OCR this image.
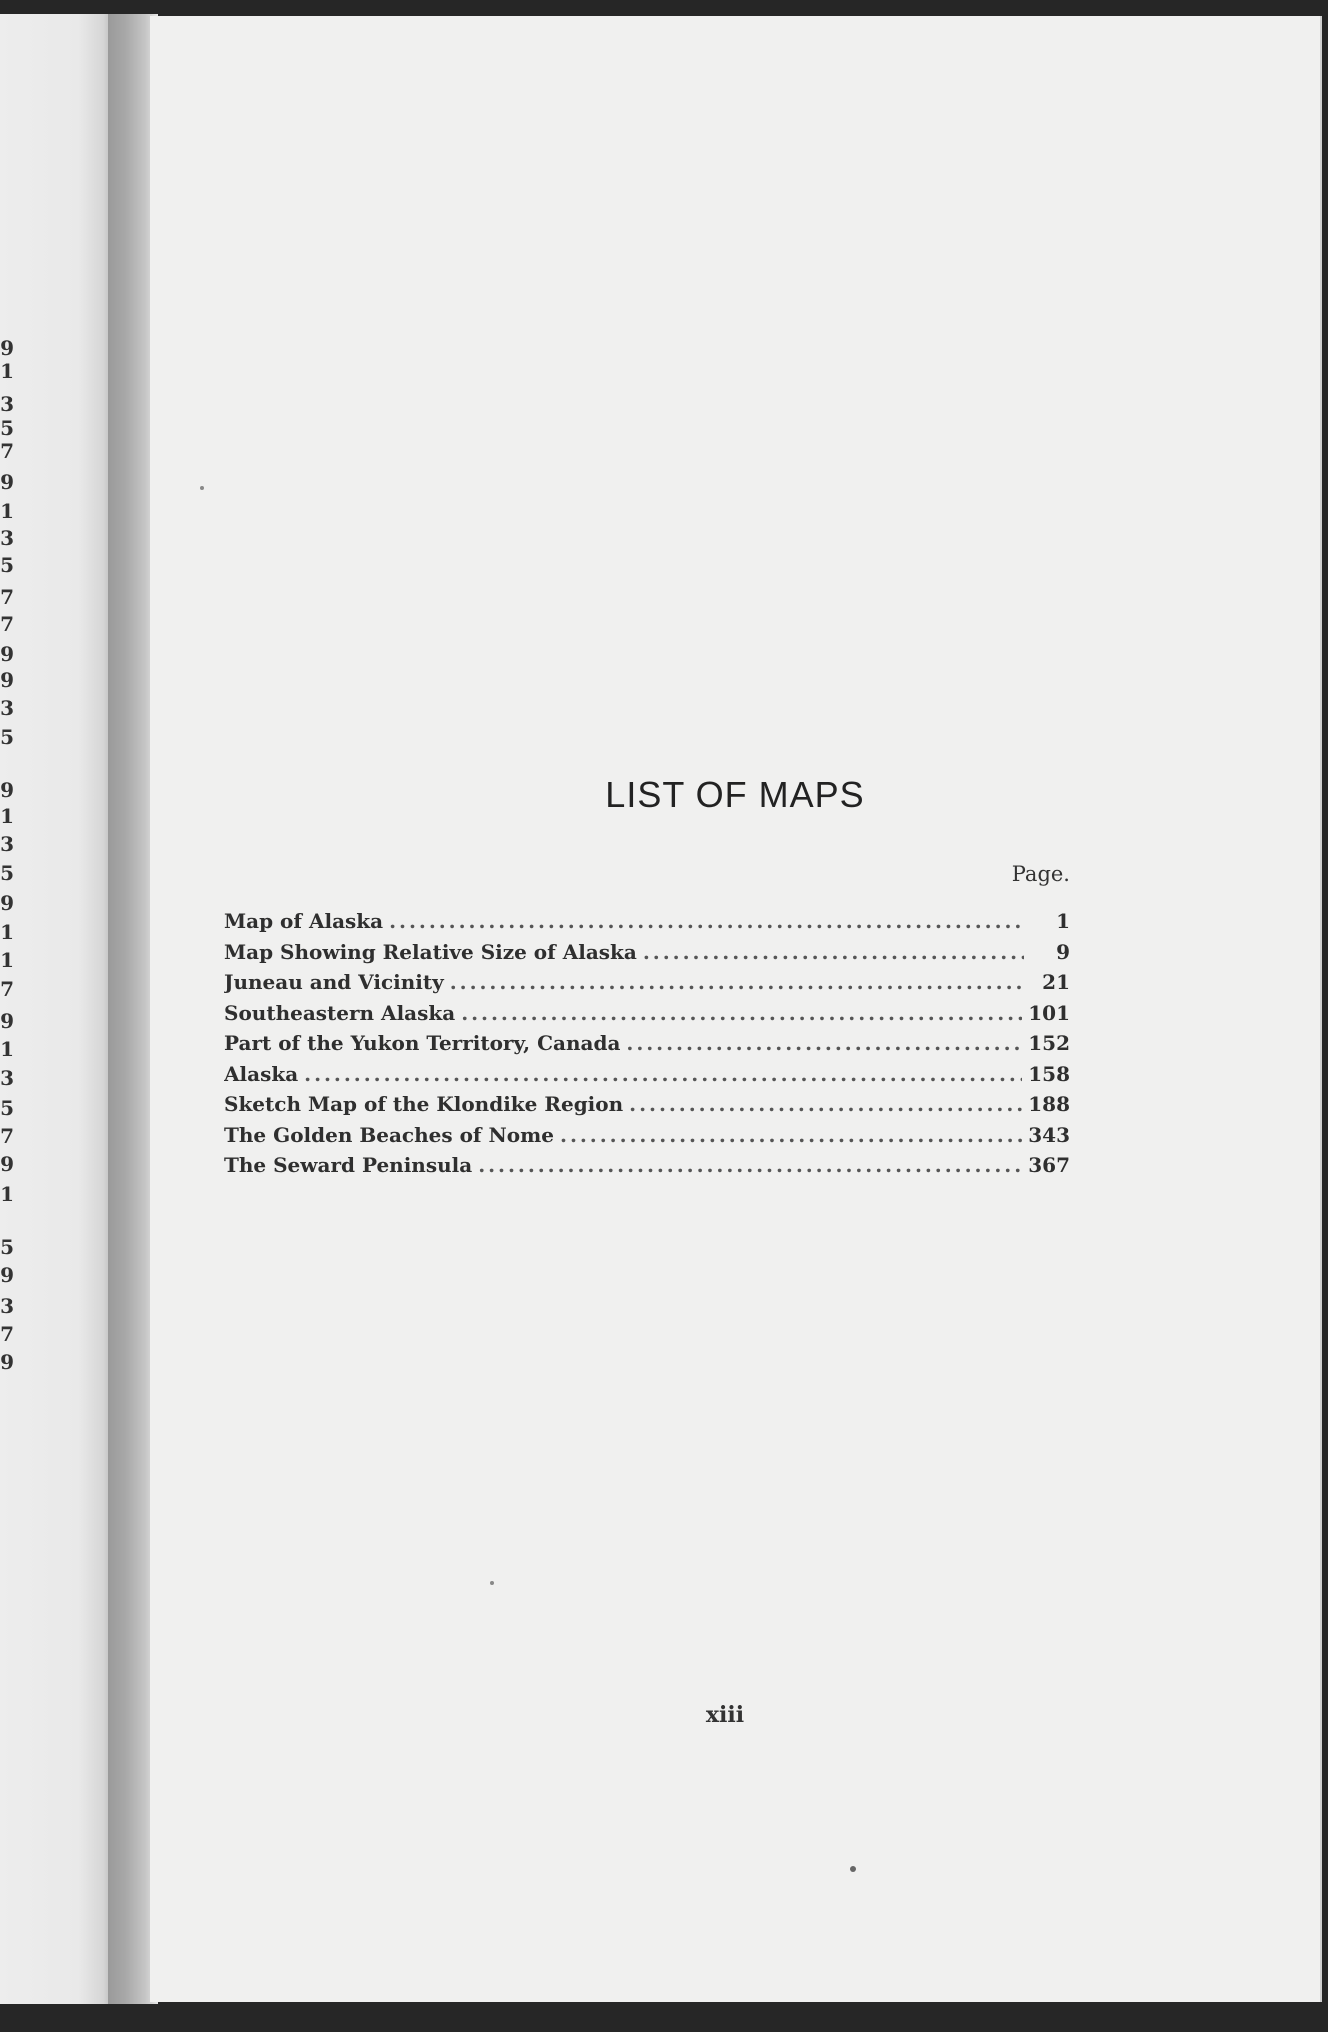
9
1
3
5
7
9
1
3
5
7
7
9
9
3
5
9
1
3
5
9
1
1
7
9
1
3
5
7
9
1
5
9
3
7
9
LIST OF MAPS
Page.
Map of Alaska . . .	1
Map Showing Relative Size of Alaska . . .	9
Juneau and Vicinity . . .	21
Southeastern Alaska . . .	101
Part of the Yukon Territory, Canada . . .	152
Alaska . . .	158
Sketch Map of the Klondike Region . . .	188
The Golden Beaches of Nome . . .	343
The Seward Peninsula . . .	367
xiii
